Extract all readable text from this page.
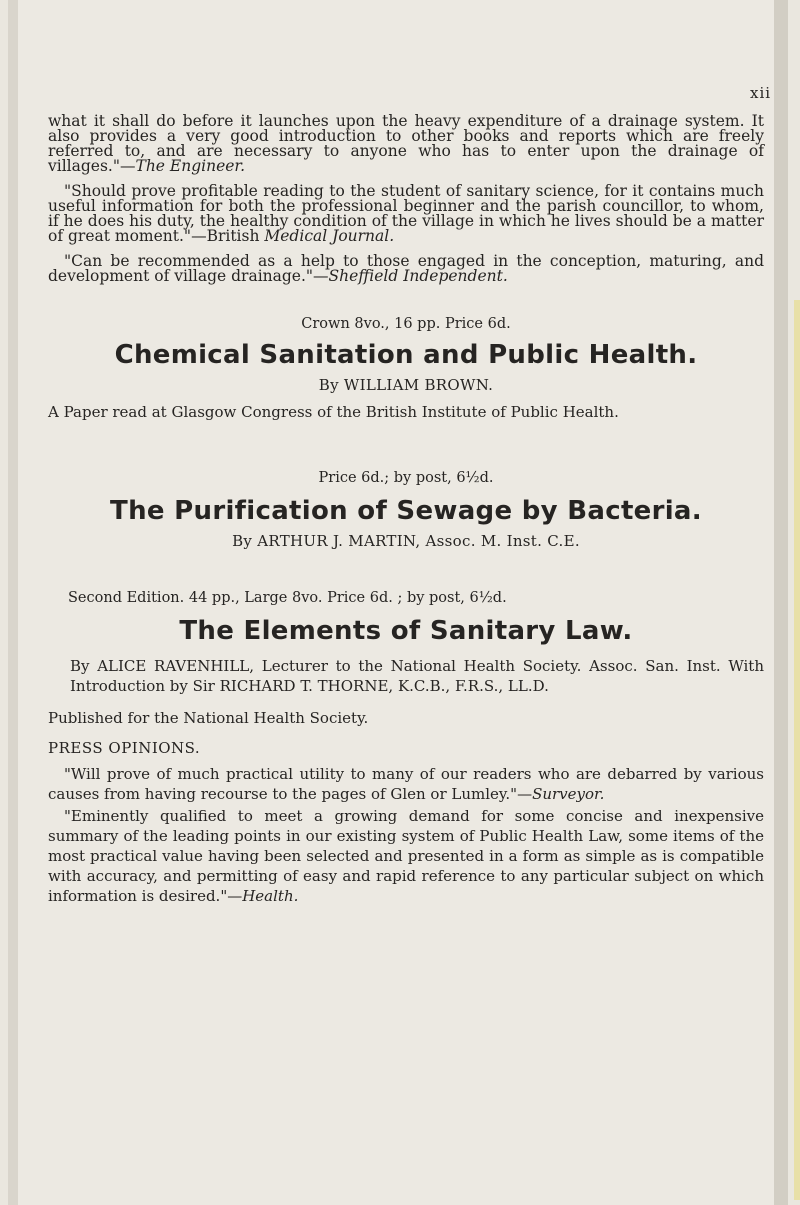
xii

what it shall do before it launches upon the heavy expenditure of a drainage system. It also provides a very good introduction to other books and reports which are freely referred to, and are necessary to anyone who has to enter upon the drainage of villages."—The Engineer.

"Should prove profitable reading to the student of sanitary science, for it contains much useful information for both the professional beginner and the parish councillor, to whom, if he does his duty, the healthy condition of the village in which he lives should be a matter of great moment."—British Medical Journal.

"Can be recommended as a help to those engaged in the conception, maturing, and development of village drainage."—Sheffield Independent.

Crown 8vo., 16 pp. Price 6d.

Chemical Sanitation and Public Health.

By WILLIAM BROWN.

A Paper read at Glasgow Congress of the British Institute of Public Health.

Price 6d.; by post, 6½d.

The Purification of Sewage by Bacteria.

By ARTHUR J. MARTIN, Assoc. M. Inst. C.E.

Second Edition. 44 pp., Large 8vo. Price 6d. ; by post, 6½d.

The Elements of Sanitary Law.

By ALICE RAVENHILL, Lecturer to the National Health Society. Assoc. San. Inst. With Introduction by Sir RICHARD T. THORNE, K.C.B., F.R.S., LL.D.

Published for the National Health Society.

PRESS OPINIONS.

"Will prove of much practical utility to many of our readers who are debarred by various causes from having recourse to the pages of Glen or Lumley."—Surveyor.

"Eminently qualified to meet a growing demand for some concise and inexpensive summary of the leading points in our existing system of Public Health Law, some items of the most practical value having been selected and presented in a form as simple as is compatible with accuracy, and permitting of easy and rapid reference to any particular subject on which information is desired."—Health.
